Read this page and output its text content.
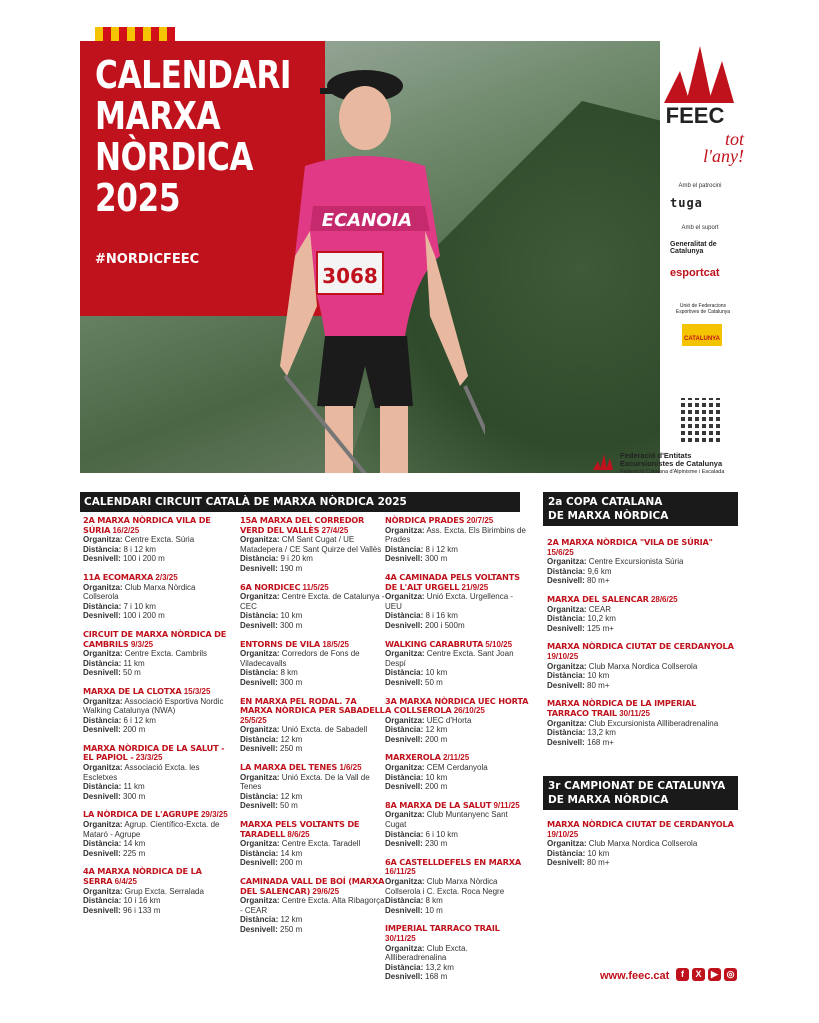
CALENDARI
MARXA
NÒRDICA
2025
#NORDICFEEC
ECANOIA
3068
FEEC
tot
l'any!
Amb el patrocini
tuga
Amb el suport
Generalitat de Catalunya
esportcat
Unió de Federacions Esportives de Catalunya
CATALUNYA
Federació d'Entitats
Excursionistes de Catalunya
Federació Catalana d'Alpinisme i Escalada
CALENDARI CIRCUIT CATALÀ DE MARXA NÒRDICA 2025
2A MARXA NÒRDICA VILA DE SÚRIA 16/2/25
Organitza: Centre Excta. Súria
Distància: 8 i 12 km
Desnivell: 100 i 200 m
11A ECOMARXA 2/3/25
Organitza: Club Marxa Nòrdica Collserola
Distància: 7 i 10 km
Desnivell: 100 i 200 m
CIRCUIT DE MARXA NÒRDICA DE CAMBRILS 9/3/25
Organitza: Centre Excta. Cambrils
Distància: 11 km
Desnivell: 50 m
MARXA DE LA CLOTXA 15/3/25
Organitza: Associació Esportiva Nordic Walking Catalunya (NWA)
Distància: 6 i 12 km
Desnivell: 200 m
MARXA NÒRDICA DE LA SALUT - EL PAPIOL - 23/3/25
Organitza: Associació Excta. les Escletxes
Distància: 11 km
Desnivell: 300 m
LA NÒRDICA DE L'AGRUPE 29/3/25
Organitza: Agrup. Científico-Excta. de Mataró - Agrupe
Distància: 14 km
Desnivell: 225 m
4A MARXA NÒRDICA DE LA SERRA 6/4/25
Organitza: Grup Excta. Serralada
Distància: 10 i 16 km
Desnivell: 96 i 133 m
15A MARXA DEL CORREDOR VERD DEL VALLÈS 27/4/25
Organitza: CM Sant Cugat / UE Matadepera / CE Sant Quirze del Vallès
Distància: 9 i 20 km
Desnivell: 190 m
6A NORDICEC 11/5/25
Organitza: Centre Excta. de Catalunya - CEC
Distància: 10 km
Desnivell: 300 m
ENTORNS DE VILA 18/5/25
Organitza: Corredors de Fons de Viladecavalls
Distància: 8 km
Desnivell: 300 m
EN MARXA PEL RODAL. 7A MARXA NÒRDICA PER SABADELL 25/5/25
Organitza: Unió Excta. de Sabadell
Distància: 12 km
Desnivell: 250 m
LA MARXA DEL TENES 1/6/25
Organitza: Unió Excta. De la Vall de Tenes
Distància: 12 km
Desnivell: 50 m
MARXA PELS VOLTANTS DE TARADELL 8/6/25
Organitza: Centre Excta. Taradell
Distància: 14 km
Desnivell: 200 m
CAMINADA VALL DE BOÍ (MARXA DEL SALENCAR) 29/6/25
Organitza: Centre Excta. Alta Ribagorça - CEAR
Distància: 12 km
Desnivell: 250 m
NÒRDICA PRADES 20/7/25
Organitza: Ass. Excta. Els Birimbins de Prades
Distància: 8 i 12 km
Desnivell: 300 m
4A CAMINADA PELS VOLTANTS DE L'ALT URGELL 21/9/25
Organitza: Unió Excta. Urgellenca - UEU
Distància: 8 i 16 km
Desnivell: 200 i 500m
WALKING CARABRUTA 5/10/25
Organitza: Centre Excta. Sant Joan Despí
Distància: 10 km
Desnivell: 50 m
3A MARXA NÒRDICA UEC HORTA A COLLSEROLA 26/10/25
Organitza: UEC d'Horta
Distància: 12 km
Desnivell: 200 m
MARXEROLA 2/11/25
Organitza: CEM Cerdanyola
Distància: 10 km
Desnivell: 200 m
8A MARXA DE LA SALUT 9/11/25
Organitza: Club Muntanyenc Sant Cugat
Distància: 6 i 10 km
Desnivell: 230 m
6A CASTELLDEFELS EN MARXA 16/11/25
Organitza: Club Marxa Nòrdica Collserola i C. Excta. Roca Negre
Distància: 8 km
Desnivell: 10 m
IMPERIAL TARRACO TRAIL 30/11/25
Organitza: Club Excta. Allliberadrenalina
Distància: 13,2 km
Desnivell: 168 m
2a COPA CATALANA
DE MARXA NÒRDICA
2A MARXA NÒRDICA "VILA DE SÚRIA" 15/6/25
Organitza: Centre Excursionista Súria
Distància: 9,6 km
Desnivell: 80 m+
MARXA DEL SALENCAR 28/6/25
Organitza: CEAR
Distància: 10,2 km
Desnivell: 125 m+
MARXA NÒRDICA CIUTAT DE CERDANYOLA 19/10/25
Organitza: Club Marxa Nordica Collserola
Distància: 10 km
Desnivell: 80 m+
MARXA NÒRDICA DE LA IMPERIAL TARRACO TRAIL 30/11/25
Organitza: Club Excursionista Allliberadrenalina
Distància: 13,2 km
Desnivell: 168 m+
3r CAMPIONAT DE CATALUNYA
DE MARXA NÒRDICA
MARXA NÒRDICA CIUTAT DE CERDANYOLA 19/10/25
Organitza: Club Marxa Nordica Collserola
Distància: 10 km
Desnivell: 80 m+
www.feec.cat	f	X	▶ ◎
